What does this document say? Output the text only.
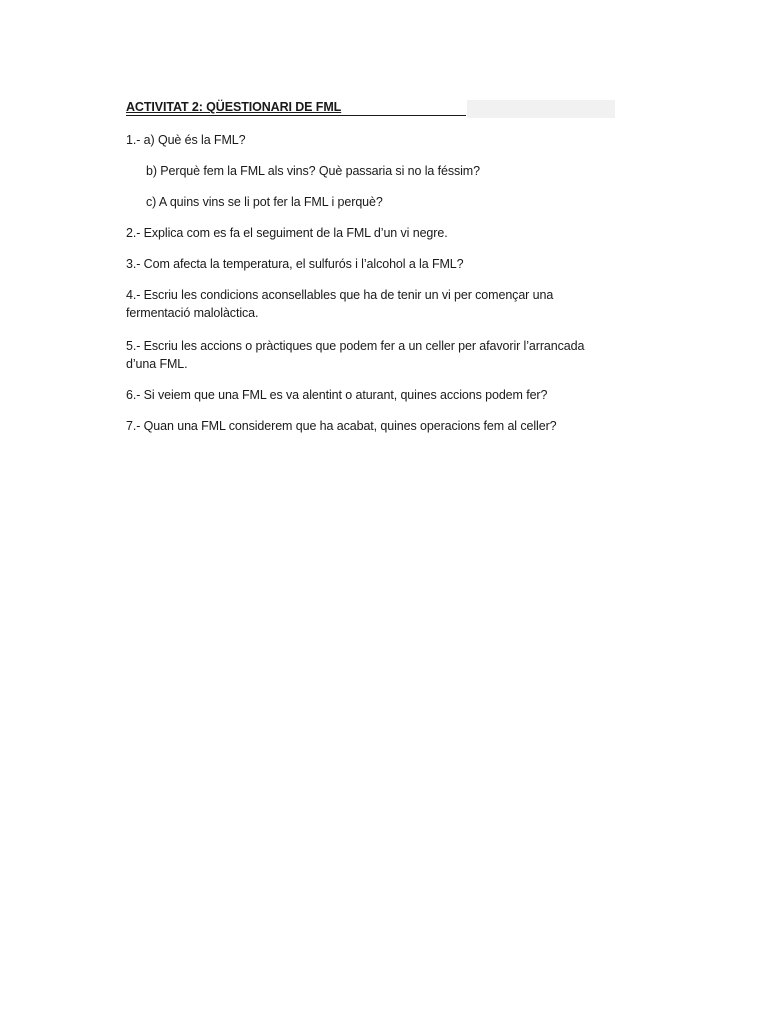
ACTIVITAT 2: QÜESTIONARI DE FML
1.- a) Què és la FML?
b) Perquè fem la FML als vins? Què passaria si no la féssim?
c) A quins vins se li pot fer la FML i perquè?
2.- Explica com es fa el seguiment de la FML d’un vi negre.
3.- Com afecta la temperatura, el sulfurós i l’alcohol a la FML?
4.- Escriu les condicions aconsellables que ha de tenir un vi per començar una
fermentació malolàctica.
5.- Escriu les accions o pràctiques que podem fer a un celler per afavorir l’arrancada
d’una FML.
6.- Si veiem que una FML es va alentint o aturant, quines accions podem fer?
7.- Quan una FML considerem que ha acabat, quines operacions fem al celler?
